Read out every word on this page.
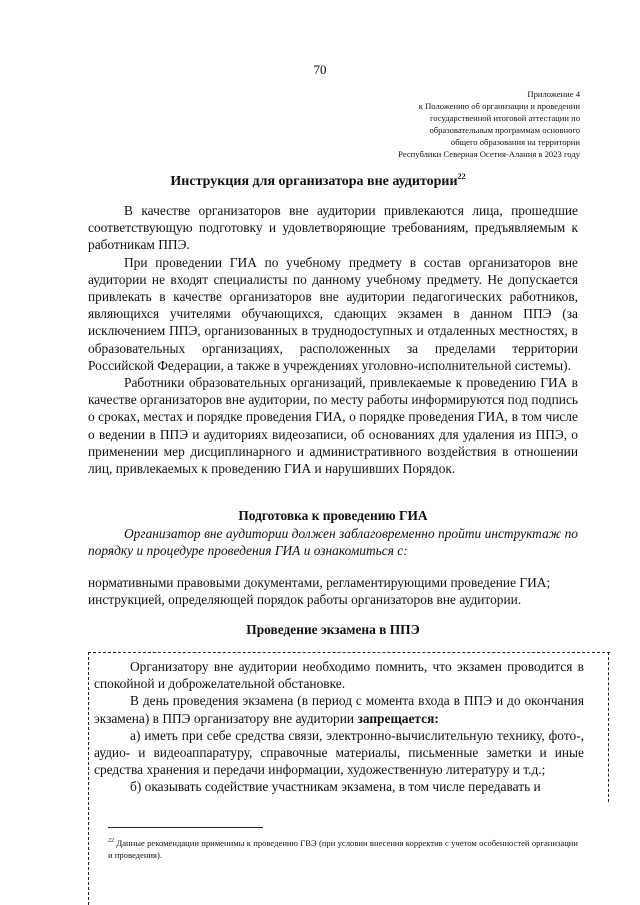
70
Приложение 4
к Положению об организации и проведении
государственной итоговой аттестации по
образовательным программам основного
общего образования на территории
Республики Северная Осетия-Алания в 2023 году
Инструкция для организатора вне аудитории$^{22}$

В качестве организаторов вне аудитории привлекаются лица, прошедшие соответствующую подготовку и удовлетворяющие требованиям, предъявляемым к работникам ППЭ.

При проведении ГИА по учебному предмету в состав организаторов вне аудитории не входят специалисты по данному учебному предмету. Не допускается привлекать в качестве организаторов вне аудитории педагогических работников, являющихся учителями обучающихся, сдающих экзамен в данном ППЭ (за исключением ППЭ, организованных в труднодоступных и отдаленных местностях, в образовательных организациях, расположенных за пределами территории Российской Федерации, а также в учреждениях уголовно-исполнительной системы).

Работники образовательных организаций, привлекаемые к проведению ГИА в качестве организаторов вне аудитории, по месту работы информируются под подпись о сроках, местах и порядке проведения ГИА, о порядке проведения ГИА, в том числе о ведении в ППЭ и аудиториях видеозаписи, об основаниях для удаления из ППЭ, о применении мер дисциплинарного и административного воздействия в отношении лиц, привлекаемых к проведению ГИА и нарушивших Порядок.

Подготовка к проведению ГИА

Организатор вне аудитории должен заблаговременно пройти инструктаж по порядку и процедуре проведения ГИА и ознакомиться с:

нормативными правовыми документами, регламентирующими проведение ГИА;

инструкцией, определяющей порядок работы организаторов вне аудитории.

Проведение экзамена в ППЭ

Организатору вне аудитории необходимо помнить, что экзамен проводится в спокойной и доброжелательной обстановке.

В день проведения экзамена (в период с момента входа в ППЭ и до окончания экзамена) в ППЭ организатору вне аудитории запрещается:

а) иметь при себе средства связи, электронно-вычислительную технику, фото-, аудио- и видеоаппаратуру, справочные материалы, письменные заметки и иные средства хранения и передачи информации, художественную литературу и т.д.;

б) оказывать содействие участникам экзамена, в том числе передавать и

$^{22}$ Данные рекомендации применимы к проведению ГВЭ (при условии внесения корректив с учетом особенностей организации и проведения).
